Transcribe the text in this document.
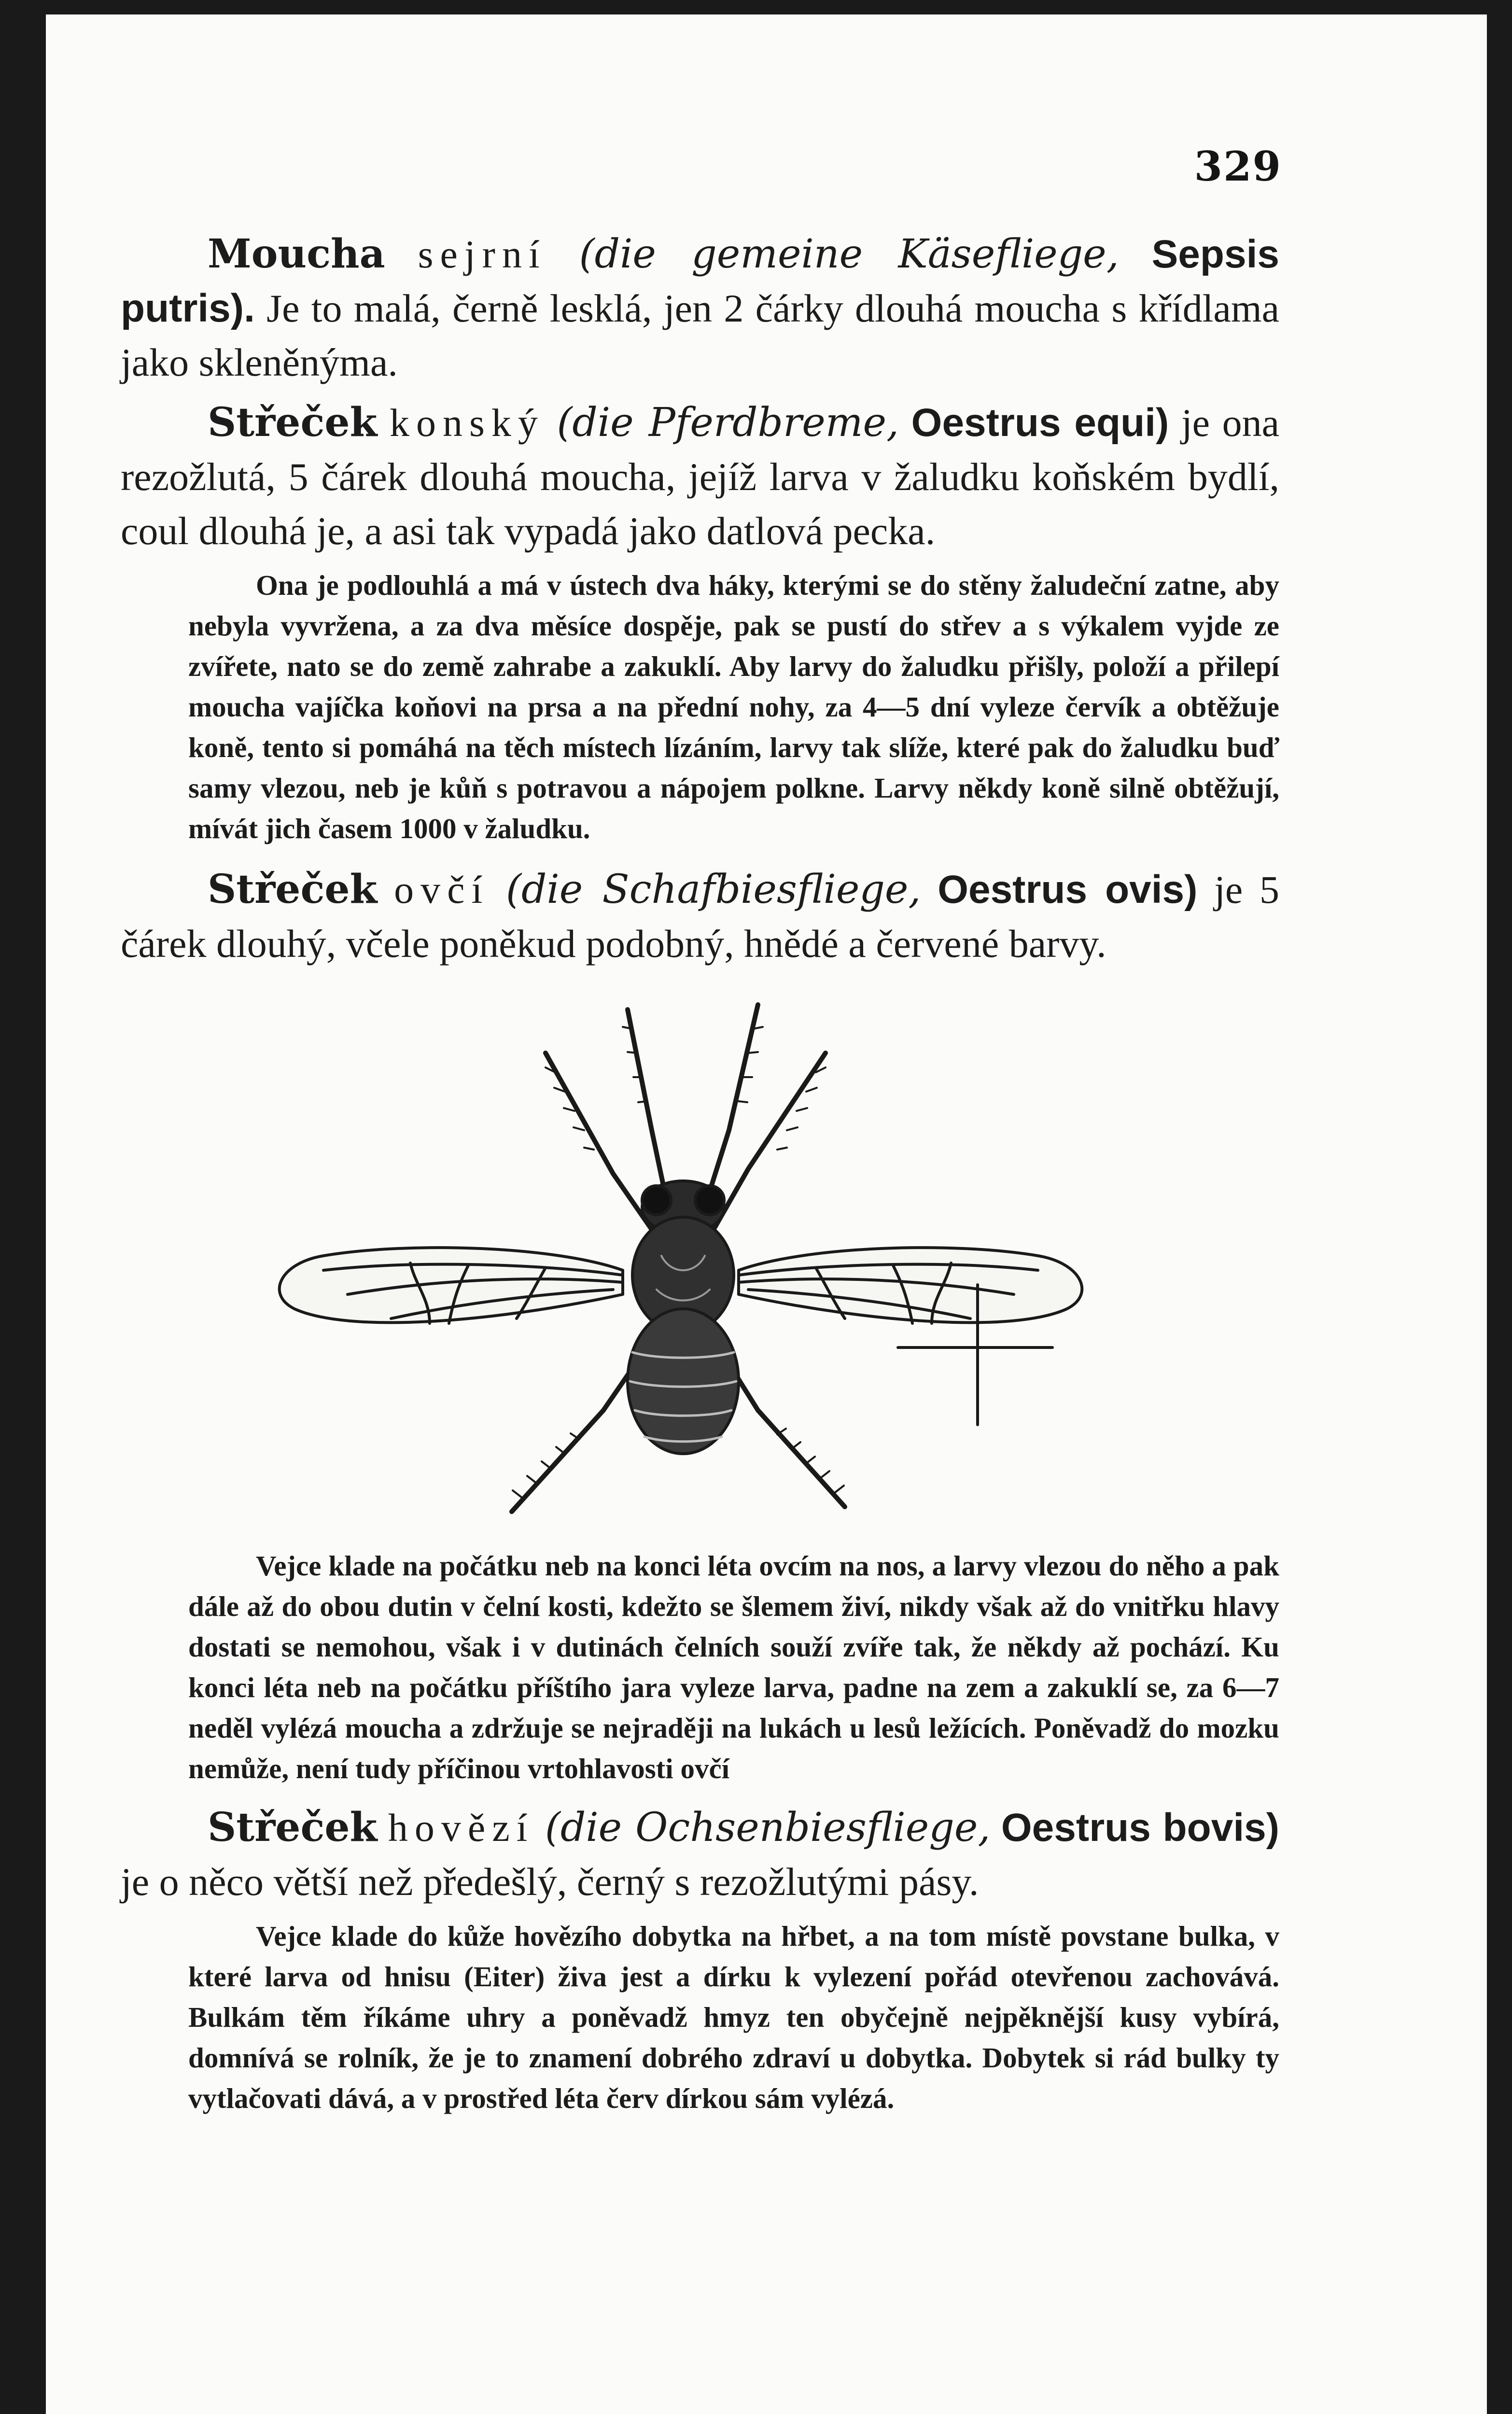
329

Moucha sejrní (die gemeine Käsefliege, Sepsis putris). Je to malá, černě lesklá, jen 2 čárky dlouhá moucha s křídlama jako skleněnýma.

Střeček konský (die Pferdbreme, Oestrus equi) je ona rezožlutá, 5 čárek dlouhá moucha, jejíž larva v žaludku koňském bydlí, coul dlouhá je, a asi tak vypadá jako datlová pecka.

Ona je podlouhlá a má v ústech dva háky, kterými se do stěny žaludeční zatne, aby nebyla vyvržena, a za dva měsíce dospěje, pak se pustí do střev a s výkalem vyjde ze zvířete, nato se do země zahrabe a zakuklí. Aby larvy do žaludku přišly, položí a přilepí moucha vajíčka koňovi na prsa a na přední nohy, za 4—5 dní vyleze červík a obtěžuje koně, tento si pomáhá na těch místech lízáním, larvy tak slíže, které pak do žaludku buď samy vlezou, neb je kůň s potravou a nápojem polkne. Larvy někdy koně silně obtěžují, mívát jich časem 1000 v žaludku.

Střeček ovčí (die Schafbiesfliege, Oestrus ovis) je 5 čárek dlouhý, včele poněkud podobný, hnědé a červené barvy.

Vejce klade na počátku neb na konci léta ovcím na nos, a larvy vlezou do něho a pak dále až do obou dutin v čelní kosti, kdežto se šlemem živí, nikdy však až do vnitřku hlavy dostati se nemohou, však i v dutinách čelních souží zvíře tak, že někdy až pochází. Ku konci léta neb na počátku příštího jara vyleze larva, padne na zem a zakuklí se, za 6—7 neděl vylézá moucha a zdržuje se nejraději na lukách u lesů ležících. Poněvadž do mozku nemůže, není tudy příčinou vrtohlavosti ovčí

Střeček hovězí (die Ochsenbiesfliege, Oestrus bovis) je o něco větší než předešlý, černý s rezožlutými pásy.

Vejce klade do kůže hovězího dobytka na hřbet, a na tom místě povstane bulka, v které larva od hnisu (Eiter) živa jest a dírku k vylezení pořád otevřenou zachovává. Bulkám těm říkáme uhry a poněvadž hmyz ten obyčejně nejpěknější kusy vybírá, domnívá se rolník, že je to znamení dobrého zdraví u dobytka. Dobytek si rád bulky ty vytlačovati dává, a v prostřed léta červ dírkou sám vylézá.
